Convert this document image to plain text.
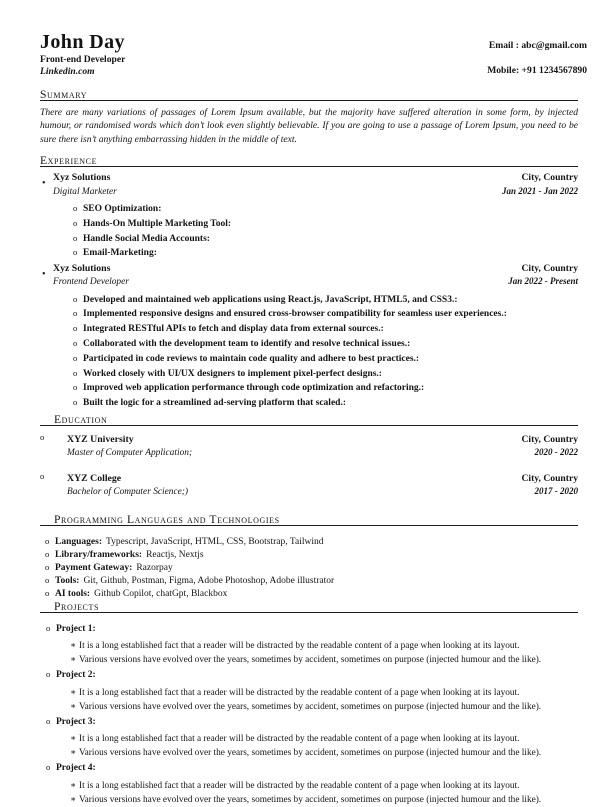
John Day
Front-end Developer
Linkedin.com
Email : abc@gmail.com
Mobile: +91 1234567890
Summary

There are many variations of passages of Lorem Ipsum available, but the majority have suffered alteration in some form, by injected humour, or randomised words which don’t look even slightly believable. If you are going to use a passage of Lorem Ipsum, you need to be sure there isn’t anything embarrassing hidden in the middle of text.

Experience
•
Xyz Solutions	City, Country
Digital Marketer	Jan 2021 - Jan 2022
o SEO Optimization:
o Hands-On Multiple Marketing Tool:
o Handle Social Media Accounts:
o Email-Marketing:
•
Xyz Solutions	City, Country
Frontend Developer	Jan 2022 - Present
o Developed and maintained web applications using React.js, JavaScript, HTML5, and CSS3.:
o Implemented responsive designs and ensured cross-browser compatibility for seamless user experiences.:
o Integrated RESTful APIs to fetch and display data from external sources.:
o Collaborated with the development team to identify and resolve technical issues.:
o Participated in code reviews to maintain code quality and adhere to best practices.:
o Worked closely with UI/UX designers to implement pixel-perfect designs.:
o Improved web application performance through code optimization and refactoring.:
o Built the logic for a streamlined ad-serving platform that scaled.:
Education
o XYZ University	City, Country
Master of Computer Application;	2020 - 2022
o XYZ College	City, Country
Bachelor of Computer Science;)	2017 - 2020
Programming Languages and Technologies
o Languages: Typescript, JavaScript, HTML, CSS, Bootstrap, Tailwind
o Library/frameworks: Reactjs, Nextjs
o Payment Gateway: Razorpay
o Tools: Git, Github, Postman, Figma, Adobe Photoshop, Adobe illustrator
o AI tools: Github Copilot, chatGpt, Blackbox
Projects
o Project 1:
∗ It is a long established fact that a reader will be distracted by the readable content of a page when looking at its layout.
∗ Various versions have evolved over the years, sometimes by accident, sometimes on purpose (injected humour and the like).
o Project 2:
∗ It is a long established fact that a reader will be distracted by the readable content of a page when looking at its layout.
∗ Various versions have evolved over the years, sometimes by accident, sometimes on purpose (injected humour and the like).
o Project 3:
∗ It is a long established fact that a reader will be distracted by the readable content of a page when looking at its layout.
∗ Various versions have evolved over the years, sometimes by accident, sometimes on purpose (injected humour and the like).
o Project 4:
∗ It is a long established fact that a reader will be distracted by the readable content of a page when looking at its layout.
∗ Various versions have evolved over the years, sometimes by accident, sometimes on purpose (injected humour and the like).
